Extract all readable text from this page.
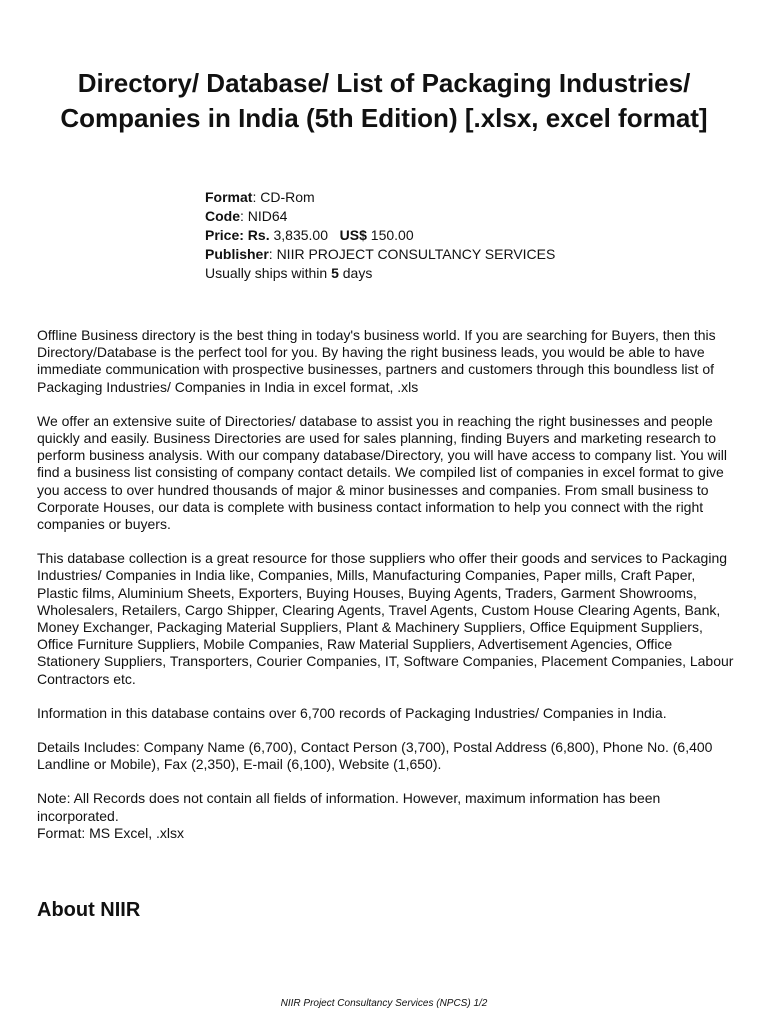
Directory/ Database/ List of Packaging Industries/ Companies in India (5th Edition) [.xlsx, excel format]
Format: CD-Rom
Code: NID64
Price: Rs. 3,835.00 US$ 150.00
Publisher: NIIR PROJECT CONSULTANCY SERVICES
Usually ships within 5 days

Offline Business directory is the best thing in today's business world. If you are searching for Buyers, then this Directory/Database is the perfect tool for you. By having the right business leads, you would be able to have immediate communication with prospective businesses, partners and customers through this boundless list of Packaging Industries/ Companies in India in excel format, .xls

We offer an extensive suite of Directories/ database to assist you in reaching the right businesses and people quickly and easily. Business Directories are used for sales planning, finding Buyers and marketing research to perform business analysis. With our company database/Directory, you will have access to company list. You will find a business list consisting of company contact details. We compiled list of companies in excel format to give you access to over hundred thousands of major & minor businesses and companies. From small business to Corporate Houses, our data is complete with business contact information to help you connect with the right companies or buyers.

This database collection is a great resource for those suppliers who offer their goods and services to Packaging Industries/ Companies in India like, Companies, Mills, Manufacturing Companies, Paper mills, Craft Paper, Plastic films, Aluminium Sheets, Exporters, Buying Houses, Buying Agents, Traders, Garment Showrooms, Wholesalers, Retailers, Cargo Shipper, Clearing Agents, Travel Agents, Custom House Clearing Agents, Bank, Money Exchanger, Packaging Material Suppliers, Plant & Machinery Suppliers, Office Equipment Suppliers, Office Furniture Suppliers, Mobile Companies, Raw Material Suppliers, Advertisement Agencies, Office Stationery Suppliers, Transporters, Courier Companies, IT, Software Companies, Placement Companies, Labour Contractors etc.

Information in this database contains over 6,700 records of Packaging Industries/ Companies in India.

Details Includes: Company Name (6,700), Contact Person (3,700), Postal Address (6,800), Phone No. (6,400 Landline or Mobile), Fax (2,350), E-mail (6,100), Website (1,650).

Note: All Records does not contain all fields of information. However, maximum information has been incorporated.

Format: MS Excel, .xlsx

About NIIR
NIIR Project Consultancy Services (NPCS) 1/2
